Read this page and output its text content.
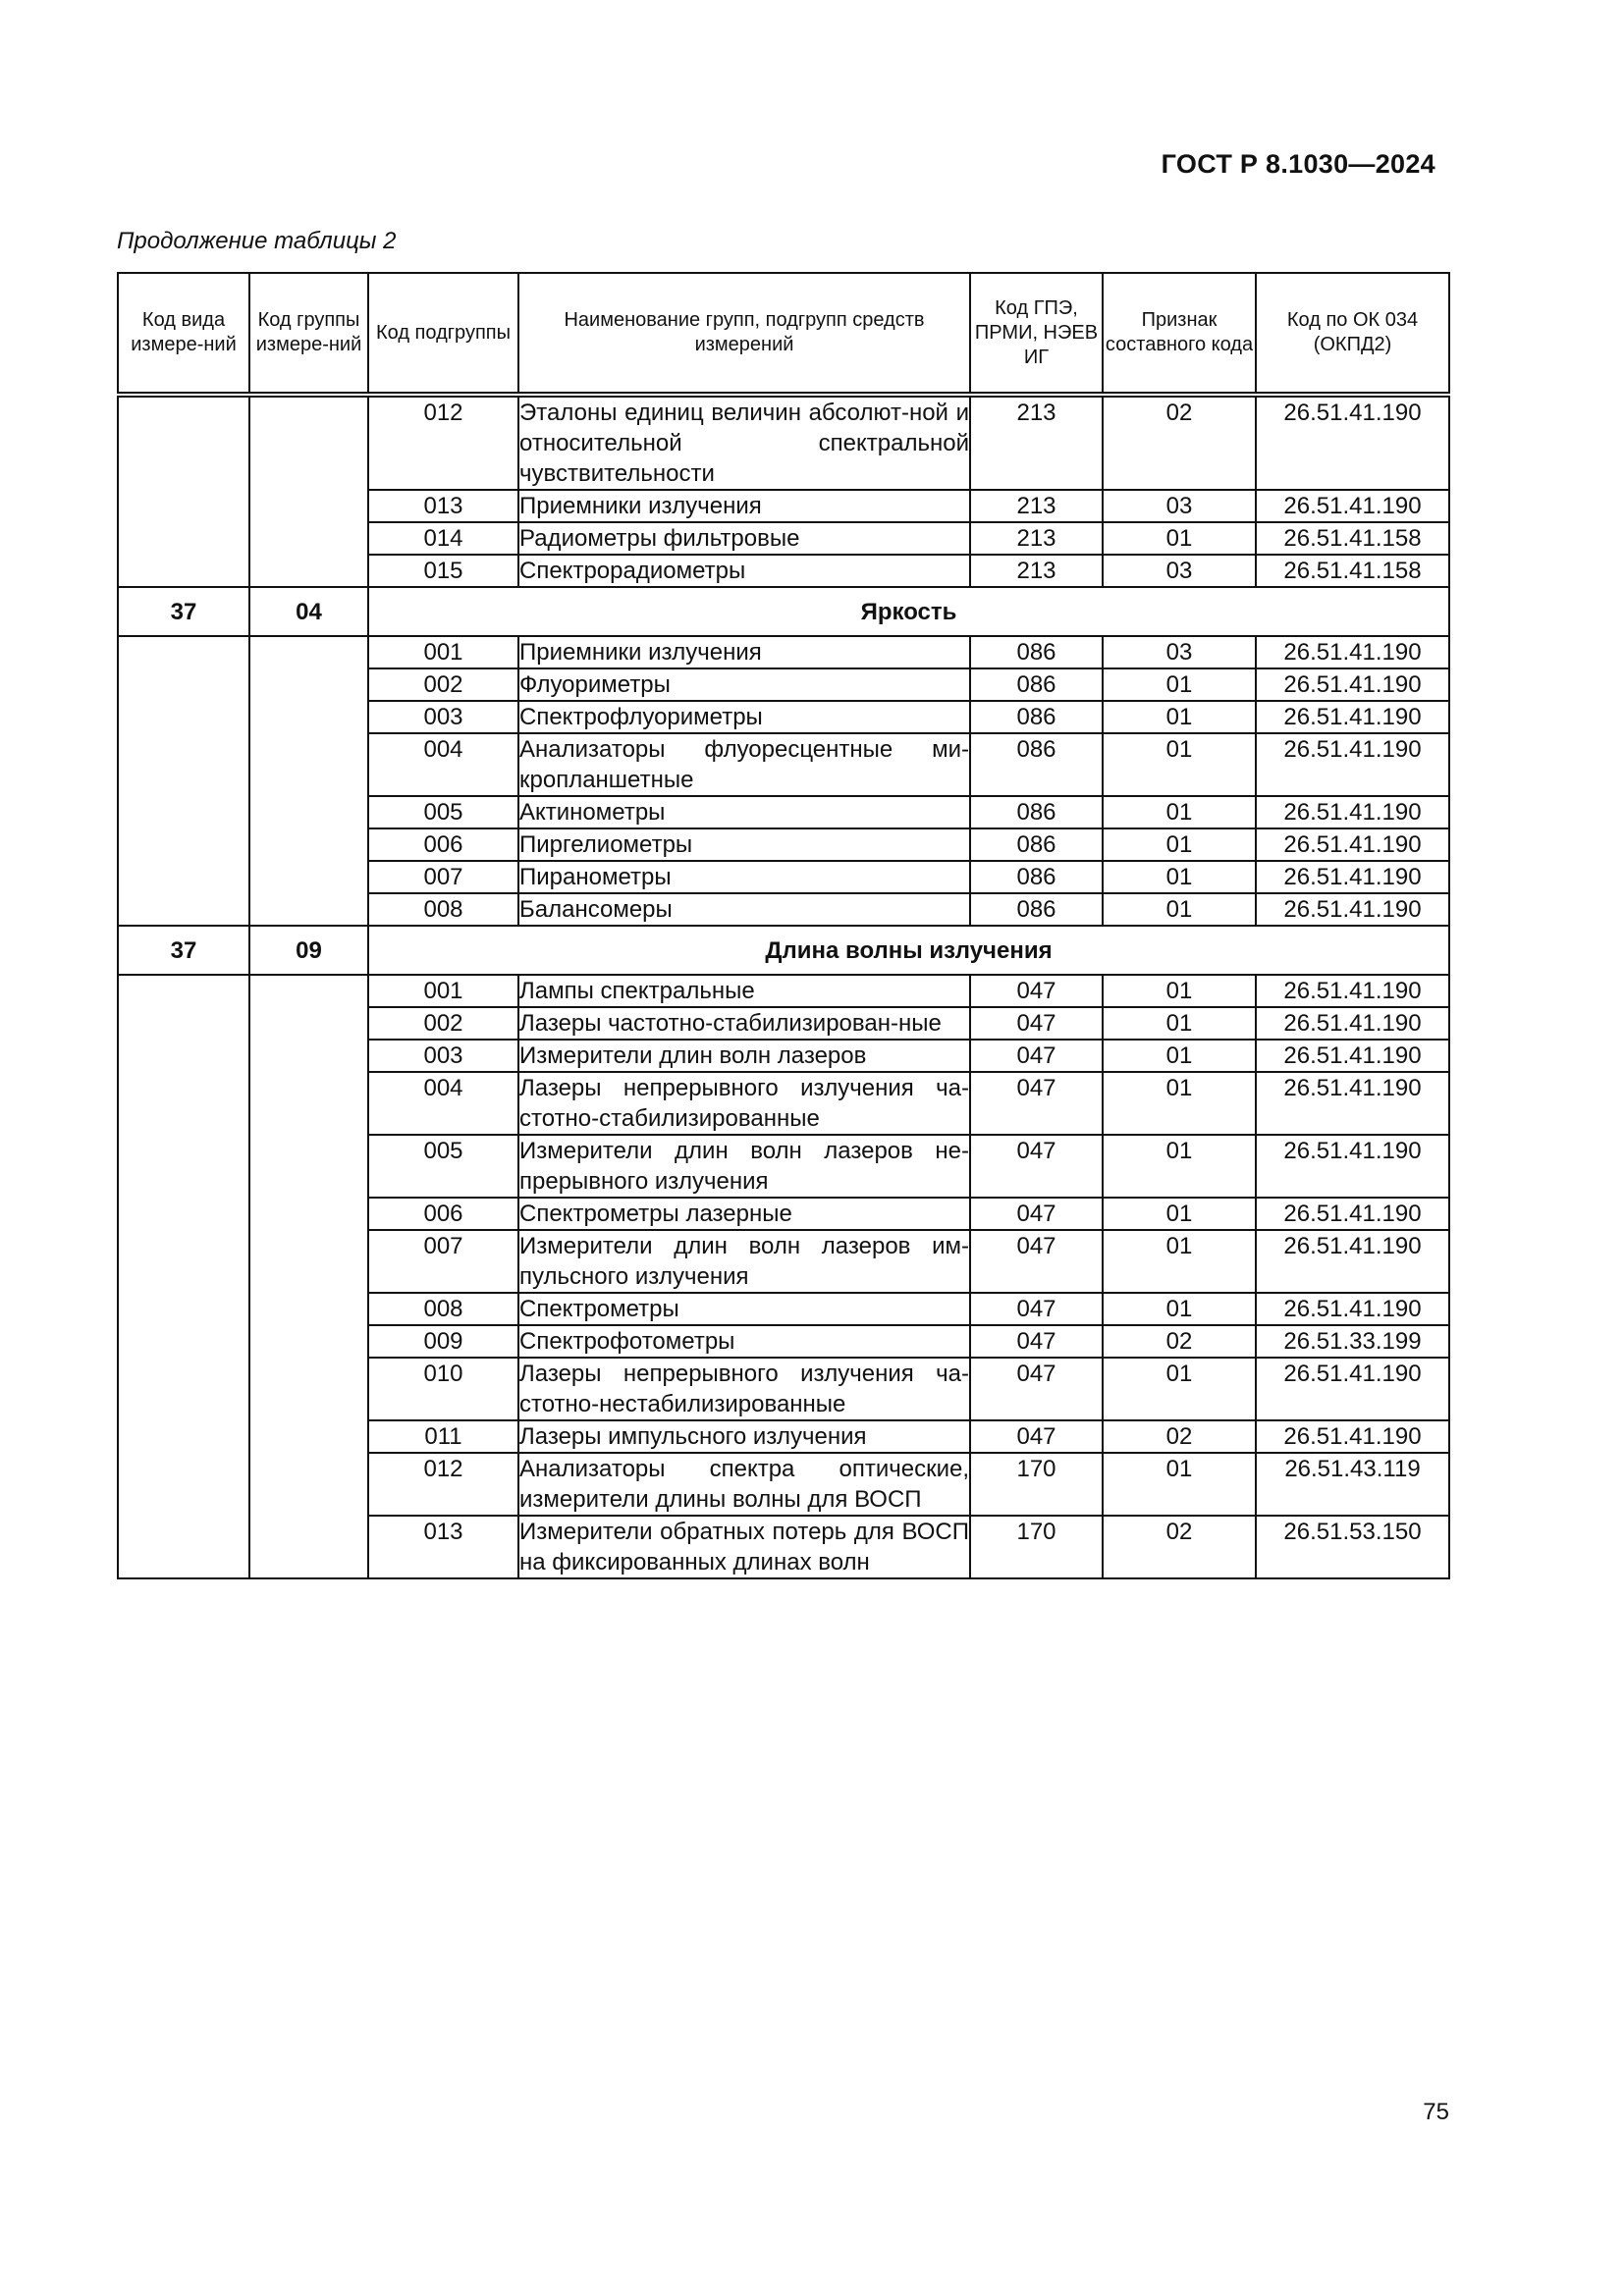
ГОСТ Р 8.1030—2024
Продолжение таблицы 2
Код вида измере-ний	Код группы измере-ний	Код подгруппы	Наименование групп, подгрупп средств измерений	Код ГПЭ, ПРМИ, НЭЕВ ИГ	Признак составного кода	Код по ОК 034 (ОКПД2)
		012	Эталоны единиц величин абсолют-ной и относительной спектральной чувствительности	213	02	26.51.41.190
		013	Приемники излучения	213	03	26.51.41.190
		014	Радиометры фильтровые	213	01	26.51.41.158
		015	Спектрорадиометры	213	03	26.51.41.158
37	04	Яркость				
		001	Приемники излучения	086	03	26.51.41.190
		002	Флуориметры	086	01	26.51.41.190
		003	Спектрофлуориметры	086	01	26.51.41.190
		004	Анализаторы флуоресцентные ми-кропланшетные	086	01	26.51.41.190
		005	Актинометры	086	01	26.51.41.190
		006	Пиргелиометры	086	01	26.51.41.190
		007	Пиранометры	086	01	26.51.41.190
		008	Балансомеры	086	01	26.51.41.190
37	09	Длина волны излучения				
		001	Лампы спектральные	047	01	26.51.41.190
		002	Лазеры частотно-стабилизирован-ные	047	01	26.51.41.190
		003	Измерители длин волн лазеров	047	01	26.51.41.190
		004	Лазеры непрерывного излучения ча-стотно-стабилизированные	047	01	26.51.41.190
		005	Измерители длин волн лазеров не-прерывного излучения	047	01	26.51.41.190
		006	Спектрометры лазерные	047	01	26.51.41.190
		007	Измерители длин волн лазеров им-пульсного излучения	047	01	26.51.41.190
		008	Спектрометры	047	01	26.51.41.190
		009	Спектрофотометры	047	02	26.51.33.199
		010	Лазеры непрерывного излучения ча-стотно-нестабилизированные	047	01	26.51.41.190
		011	Лазеры импульсного излучения	047	02	26.51.41.190
		012	Анализаторы спектра оптические, измерители длины волны для ВОСП	170	01	26.51.43.119
		013	Измерители обратных потерь для ВОСП на фиксированных длинах волн	170	02	26.51.53.150
75
